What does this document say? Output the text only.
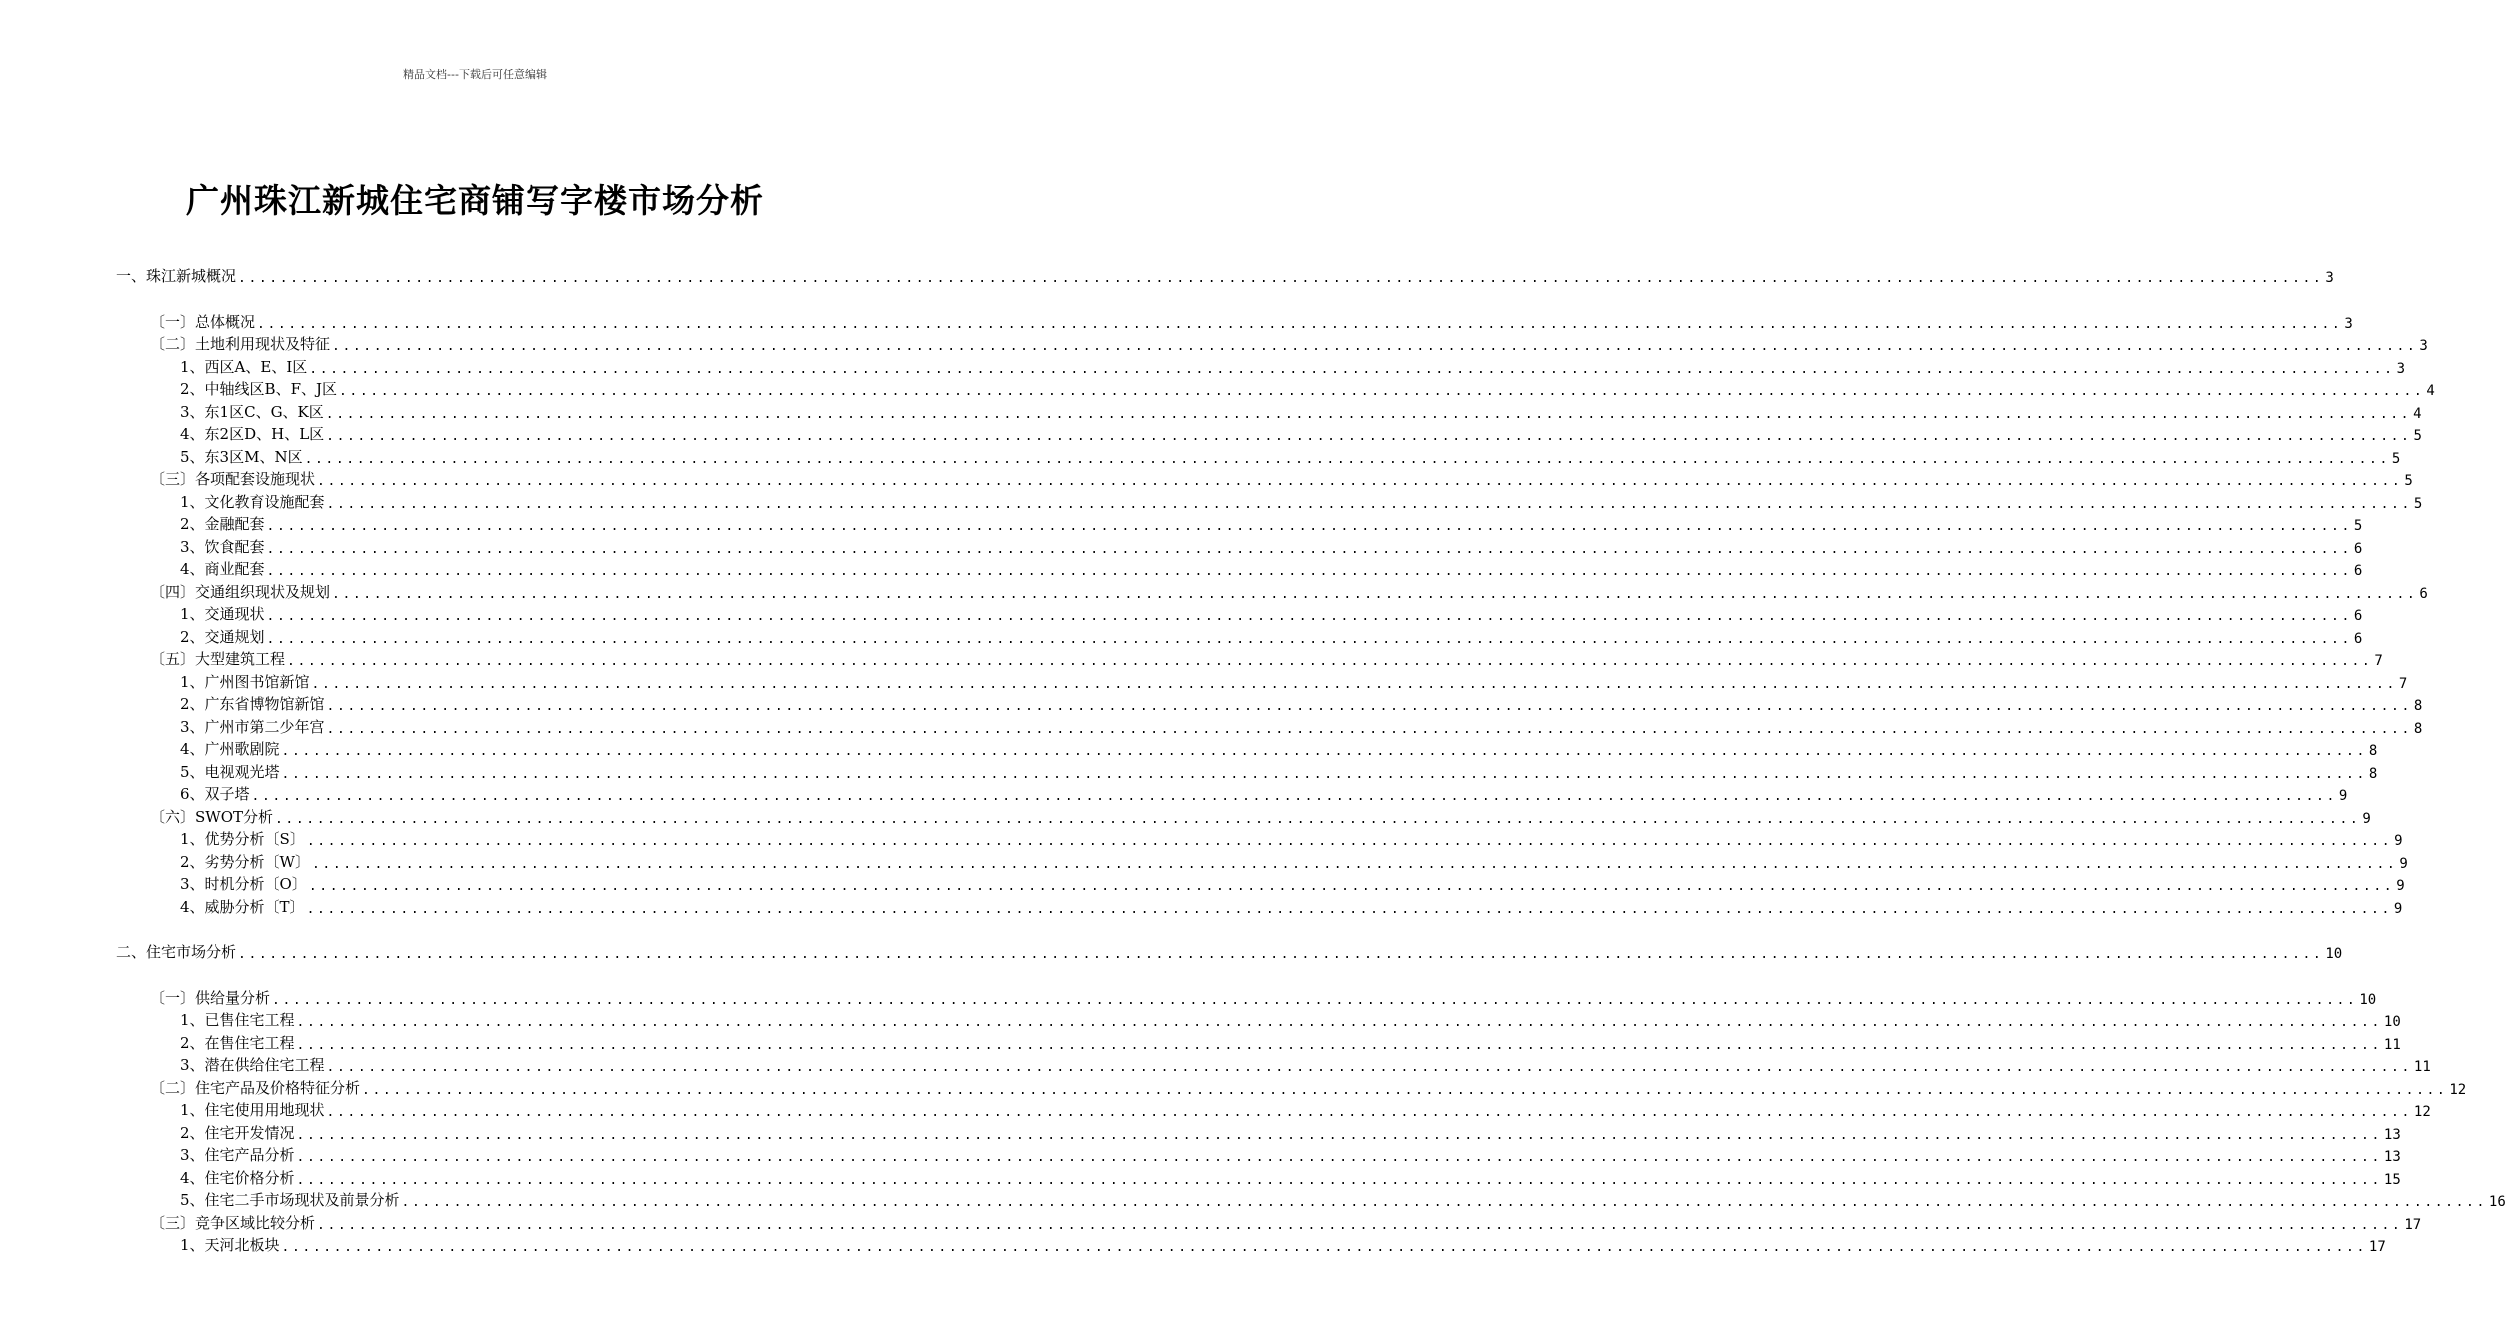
精品文档---下载后可任意编辑
广州珠江新城住宅商铺写字楼市场分析
一、珠江新城概况 ........................................................................................................................................................................................................ 3
〔一〕总体概况 ........................................................................................................................................................................................................ 3
〔二〕土地利用现状及特征 ........................................................................................................................................................................................................ 3
1、西区A、E、I区 ........................................................................................................................................................................................................ 3
2、中轴线区B、F、J区 ........................................................................................................................................................................................................ 4
3、东1区C、G、K区 ........................................................................................................................................................................................................ 4
4、东2区D、H、L区 ........................................................................................................................................................................................................ 5
5、东3区M、N区 ........................................................................................................................................................................................................ 5
〔三〕各项配套设施现状 ........................................................................................................................................................................................................ 5
1、文化教育设施配套 ........................................................................................................................................................................................................ 5
2、金融配套 ........................................................................................................................................................................................................ 5
3、饮食配套 ........................................................................................................................................................................................................ 6
4、商业配套 ........................................................................................................................................................................................................ 6
〔四〕交通组织现状及规划 ........................................................................................................................................................................................................ 6
1、交通现状 ........................................................................................................................................................................................................ 6
2、交通规划 ........................................................................................................................................................................................................ 6
〔五〕大型建筑工程 ........................................................................................................................................................................................................ 7
1、广州图书馆新馆 ........................................................................................................................................................................................................ 7
2、广东省博物馆新馆 ........................................................................................................................................................................................................ 8
3、广州市第二少年宫 ........................................................................................................................................................................................................ 8
4、广州歌剧院 ........................................................................................................................................................................................................ 8
5、电视观光塔 ........................................................................................................................................................................................................ 8
6、双子塔 ........................................................................................................................................................................................................ 9
〔六〕SWOT分析 ........................................................................................................................................................................................................ 9
1、优势分析〔S〕 ........................................................................................................................................................................................................ 9
2、劣势分析〔W〕 ........................................................................................................................................................................................................ 9
3、时机分析〔O〕 ........................................................................................................................................................................................................ 9
4、威胁分析〔T〕 ........................................................................................................................................................................................................ 9
二、住宅市场分析 ........................................................................................................................................................................................................ 10
〔一〕供给量分析 ........................................................................................................................................................................................................ 10
1、已售住宅工程 ........................................................................................................................................................................................................ 10
2、在售住宅工程 ........................................................................................................................................................................................................ 11
3、潜在供给住宅工程 ........................................................................................................................................................................................................ 11
〔二〕住宅产品及价格特征分析 ........................................................................................................................................................................................................ 12
1、住宅使用用地现状 ........................................................................................................................................................................................................ 12
2、住宅开发情况 ........................................................................................................................................................................................................ 13
3、住宅产品分析 ........................................................................................................................................................................................................ 13
4、住宅价格分析 ........................................................................................................................................................................................................ 15
5、住宅二手市场现状及前景分析 ........................................................................................................................................................................................................ 16
〔三〕竞争区域比较分析 ........................................................................................................................................................................................................ 17
1、天河北板块 ........................................................................................................................................................................................................ 17
